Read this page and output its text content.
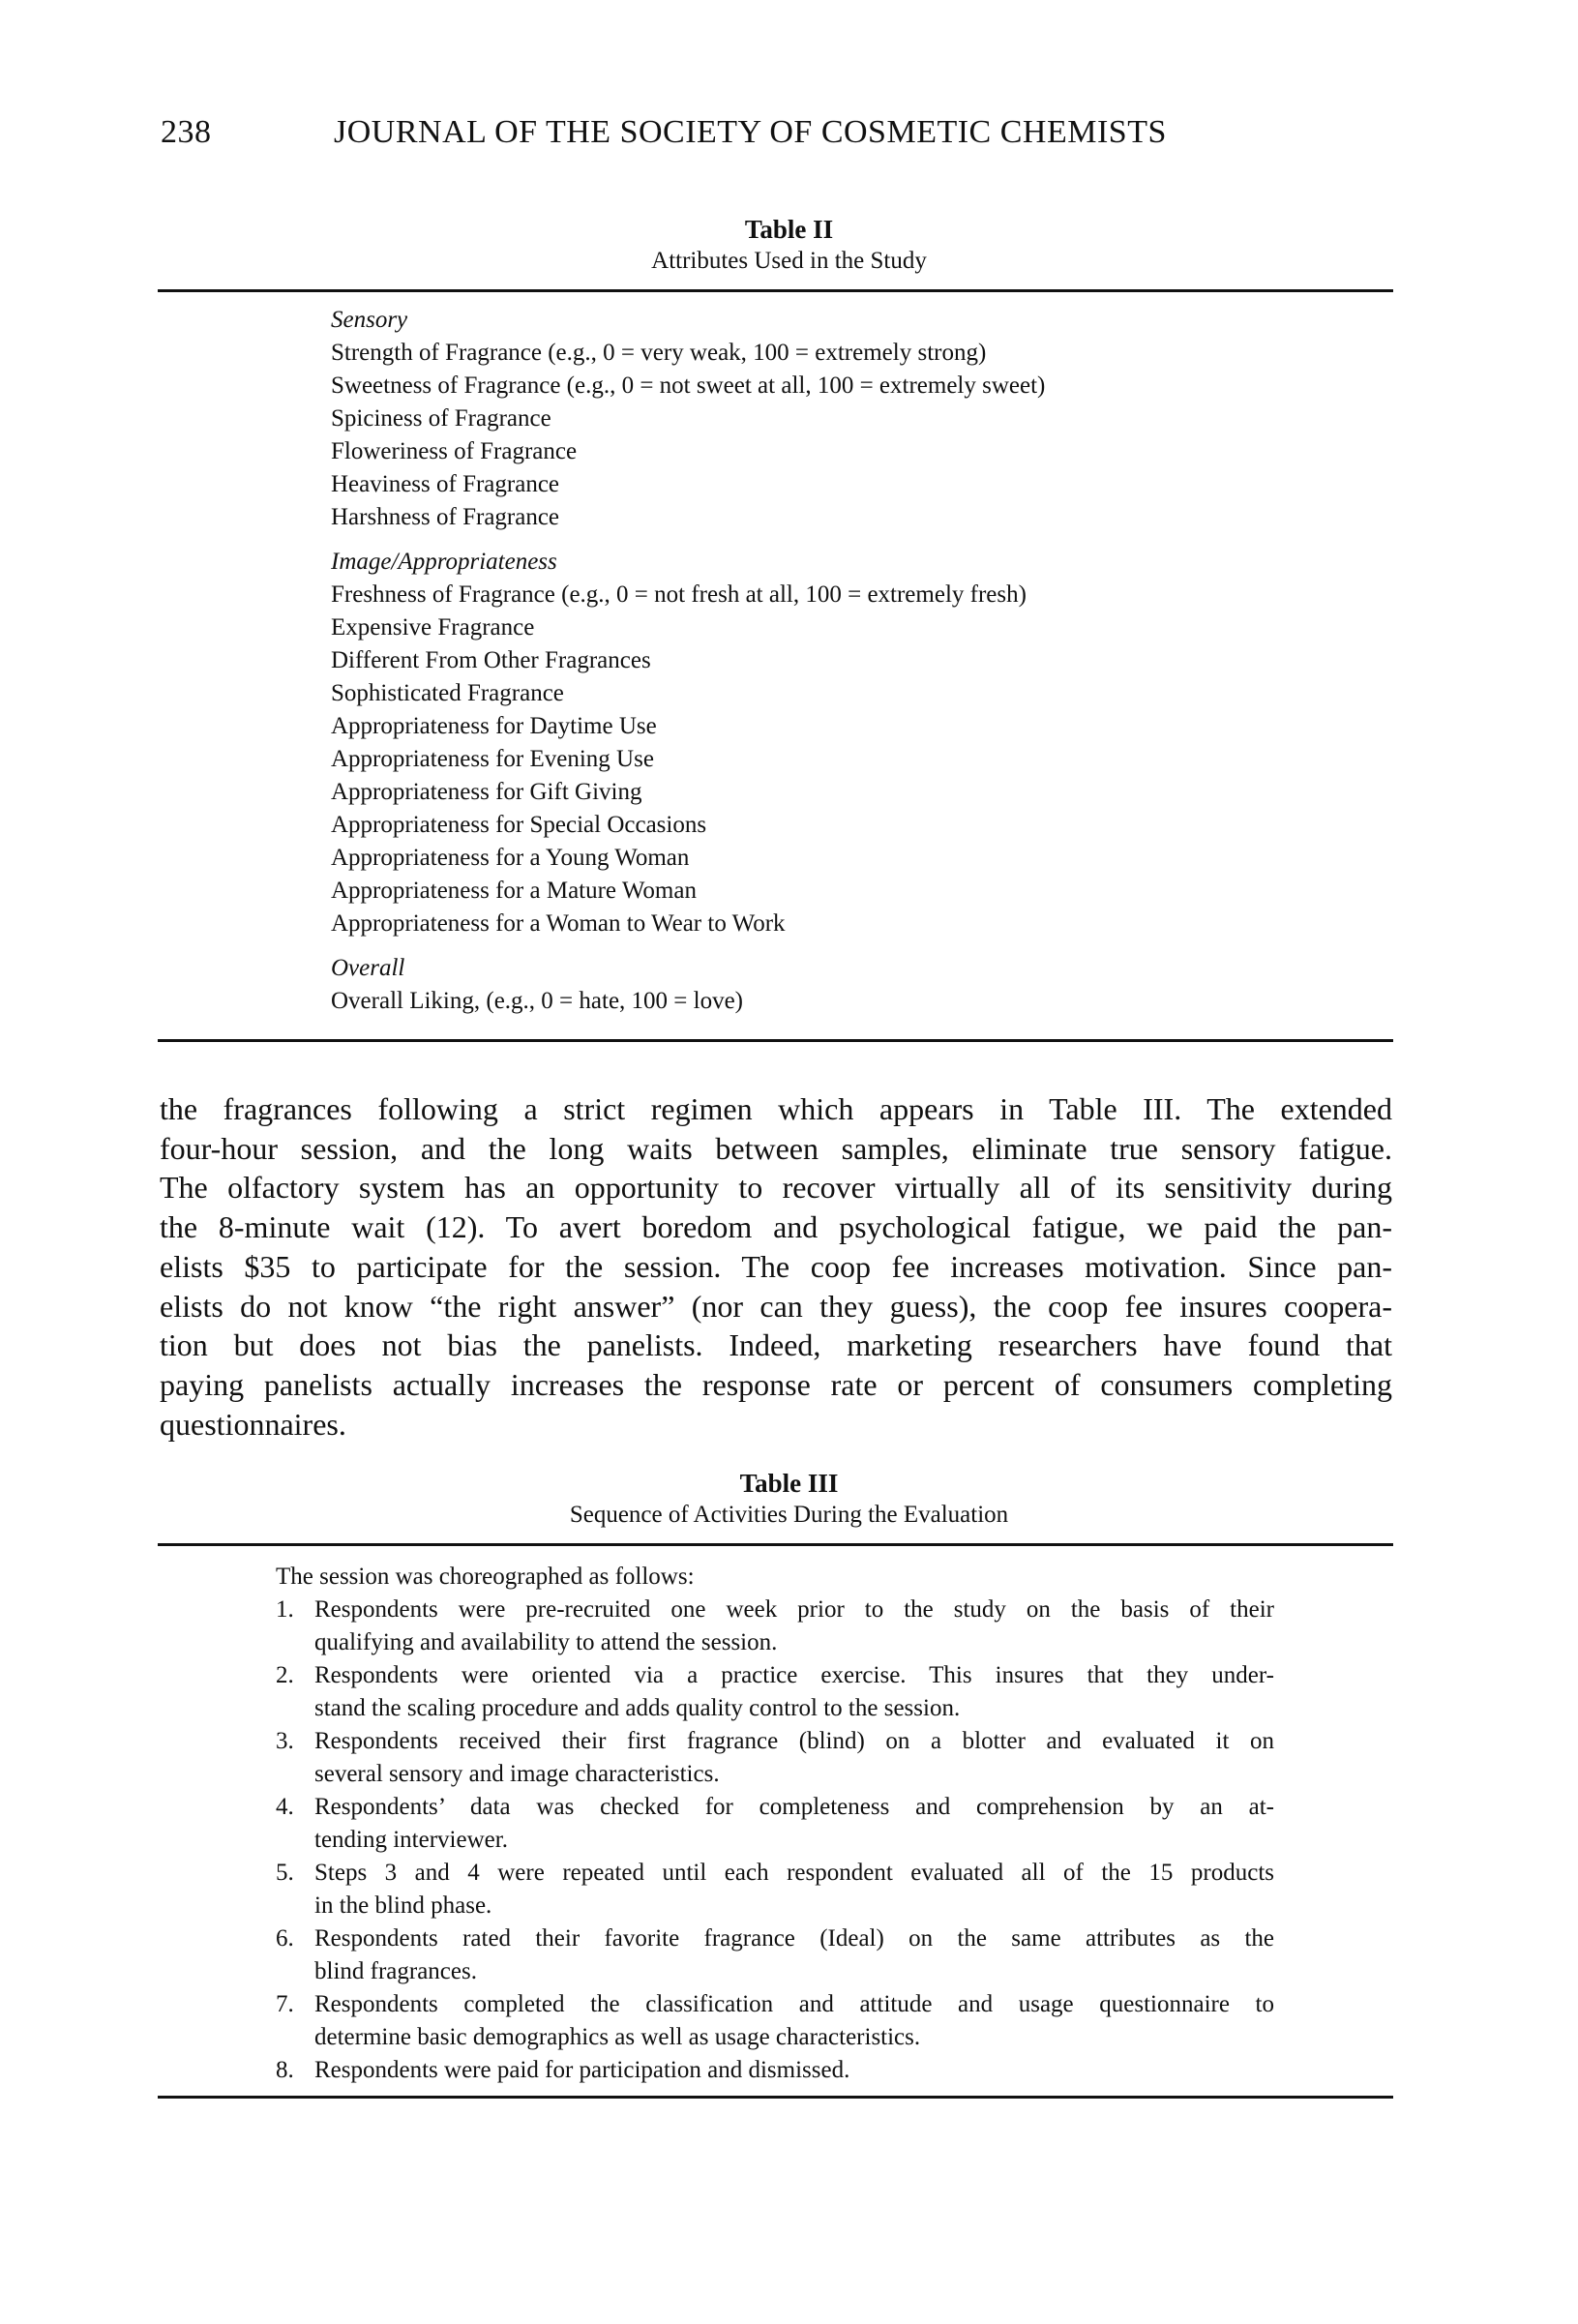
238	JOURNAL OF THE SOCIETY OF COSMETIC CHEMISTS
Table II
Attributes Used in the Study
Sensory
Strength of Fragrance (e.g., 0 = very weak, 100 = extremely strong)
Sweetness of Fragrance (e.g., 0 = not sweet at all, 100 = extremely sweet)
Spiciness of Fragrance
Floweriness of Fragrance
Heaviness of Fragrance
Harshness of Fragrance
Image/Appropriateness
Freshness of Fragrance (e.g., 0 = not fresh at all, 100 = extremely fresh)
Expensive Fragrance
Different From Other Fragrances
Sophisticated Fragrance
Appropriateness for Daytime Use
Appropriateness for Evening Use
Appropriateness for Gift Giving
Appropriateness for Special Occasions
Appropriateness for a Young Woman
Appropriateness for a Mature Woman
Appropriateness for a Woman to Wear to Work
Overall
Overall Liking, (e.g., 0 = hate, 100 = love)
the fragrances following a strict regimen which appears in Table III. The extended
four-hour session, and the long waits between samples, eliminate true sensory fatigue.
The olfactory system has an opportunity to recover virtually all of its sensitivity during
the 8-minute wait (12). To avert boredom and psychological fatigue, we paid the pan-
elists $35 to participate for the session. The coop fee increases motivation. Since pan-
elists do not know “the right answer” (nor can they guess), the coop fee insures coopera-
tion but does not bias the panelists. Indeed, marketing researchers have found that
paying panelists actually increases the response rate or percent of consumers completing
questionnaires.
Table III
Sequence of Activities During the Evaluation
The session was choreographed as follows:
1. Respondents were pre-recruited one week prior to the study on the basis of their
qualifying and availability to attend the session.
2. Respondents were oriented via a practice exercise. This insures that they under-
stand the scaling procedure and adds quality control to the session.
3. Respondents received their first fragrance (blind) on a blotter and evaluated it on
several sensory and image characteristics.
4. Respondents’ data was checked for completeness and comprehension by an at-
tending interviewer.
5. Steps 3 and 4 were repeated until each respondent evaluated all of the 15 products
in the blind phase.
6. Respondents rated their favorite fragrance (Ideal) on the same attributes as the
blind fragrances.
7. Respondents completed the classification and attitude and usage questionnaire to
determine basic demographics as well as usage characteristics.
8. Respondents were paid for participation and dismissed.
